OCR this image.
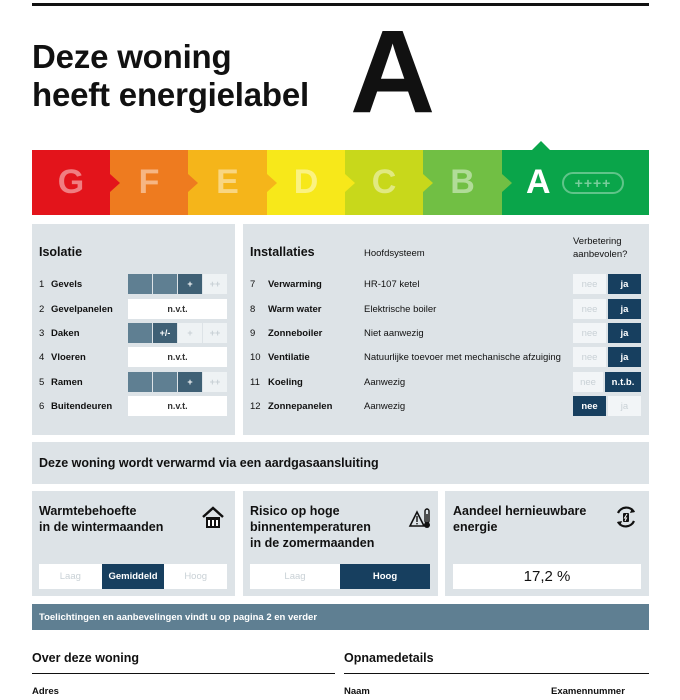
Deze woning
heeft energielabel A
G F E D C B A	++++
Isolatie
1 Gevels	+	++
2 Gevelpanelen	n.v.t.
3 Daken	+/-	+	++
4 Vloeren	n.v.t.
5 Ramen	+	++
6 Buitendeuren	n.v.t.
Installaties	Hoofdsysteem
Verbetering
aanbevolen?
7	Verwarming	HR-107 ketel	nee	ja
8	Warm water	Elektrische boiler	nee	ja
9	Zonneboiler	Niet aanwezig	nee	ja
10 Ventilatie	Natuurlijke toevoer met mechanische afzuiging	nee	ja
11 Koeling	Aanwezig	nee	n.t.b.
12 Zonnepanelen	Aanwezig	nee	ja
Deze woning wordt verwarmd via een aardgasaansluiting
Warmtebehoefte
in de wintermaanden
Laag	Gemiddeld	Hoog
Risico op hoge
binnentemperaturen
in de zomermaanden
Laag	Hoog
Aandeel hernieuwbare
energie
17,2 %
Toelichtingen en aanbevelingen vindt u op pagina 2 en verder
Over deze woning	Opnamedetails
Adres	Naam	Examennummer
